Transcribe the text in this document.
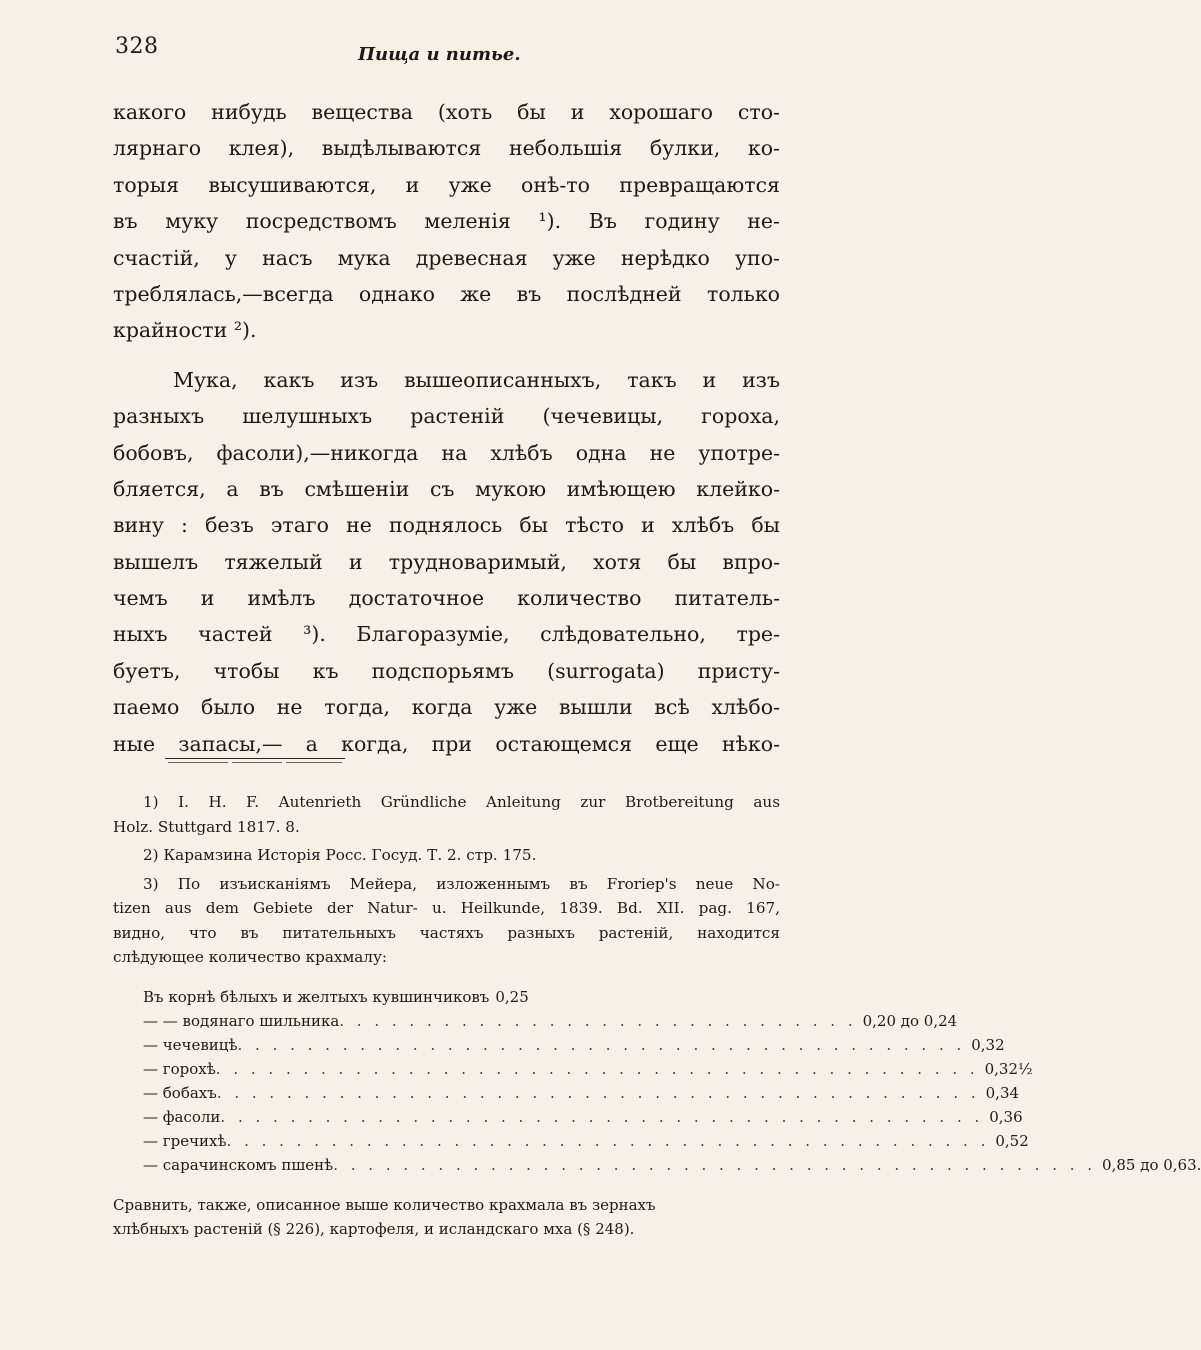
328	Пища и питье.
какого нибудь вещества (хоть бы и хорошаго сто-
лярнаго клея), выдѣлываются небольшія булки, ко-
торыя высушиваются, и уже онѣ-то превращаются
въ муку посредствомъ меленія ¹). Въ годину не-
счастій, у насъ мука древесная уже нерѣдко упо-
треблялась,—всегда однако же въ послѣдней только
крайности ²).
Мука, какъ изъ вышеописанныхъ, такъ и изъ
разныхъ шелушныхъ растеній (чечевицы, гороха,
бобовъ, фасоли),—никогда на хлѣбъ одна не употре-
бляется, а въ смѣшеніи съ мукою имѣющею клейко-
вину : безъ этаго не поднялось бы тѣсто и хлѣбъ бы
вышелъ тяжелый и трудноваримый, хотя бы впро-
чемъ и имѣлъ достаточное количество питатель-
ныхъ частей ³). Благоразуміе, слѣдовательно, тре-
буетъ, чтобы къ подспорьямъ (surrogata) присту-
паемо было не тогда, когда уже вышли всѣ хлѣбо-
ные запасы,— а когда, при остающемся еще нѣко-
1) I. H. F. Autenrieth Gründliche Anleitung zur Brotbereitung aus
Holz. Stuttgard 1817. 8.
2) Карамзина Исторія Росс. Госуд. Т. 2. стр. 175.
3) По изъисканіямъ Мейера, изложеннымъ въ Froriep's neue No-
tizen aus dem Gebiete der Natur- u. Heilkunde, 1839. Bd. XII. pag. 167,
видно, что въ питательныхъ частяхъ разныхъ растеній, находится
слѣдующее количество крахмалу:
Въ корнѣ бѣлыхъ и желтыхъ кувшинчиковъ 0,25
— — водянаго шильника . . . . . . . . . . . . . . . . . . . . . . . . . . . . . . 0,20 до 0,24
— чечевицѣ . . . . . . . . . . . . . . . . . . . . . . . . . . . . . . . . . . . . . . . . . . 0,32
— горохѣ . . . . . . . . . . . . . . . . . . . . . . . . . . . . . . . . . . . . . . . . . . . . 0,32½
— бобахъ . . . . . . . . . . . . . . . . . . . . . . . . . . . . . . . . . . . . . . . . . . . . 0,34
— фасоли . . . . . . . . . . . . . . . . . . . . . . . . . . . . . . . . . . . . . . . . . . . . 0,36
— гречихѣ . . . . . . . . . . . . . . . . . . . . . . . . . . . . . . . . . . . . . . . . . . . . 0,52
— сарачинскомъ пшенѣ . . . . . . . . . . . . . . . . . . . . . . . . . . . . . . . . . . . . . . . . . . . . 0,85 до 0,63.
Сравнить, также, описанное выше количество крахмала въ зернахъ
хлѣбныхъ растеній (§ 226), картофеля, и исландскаго мха (§ 248).
